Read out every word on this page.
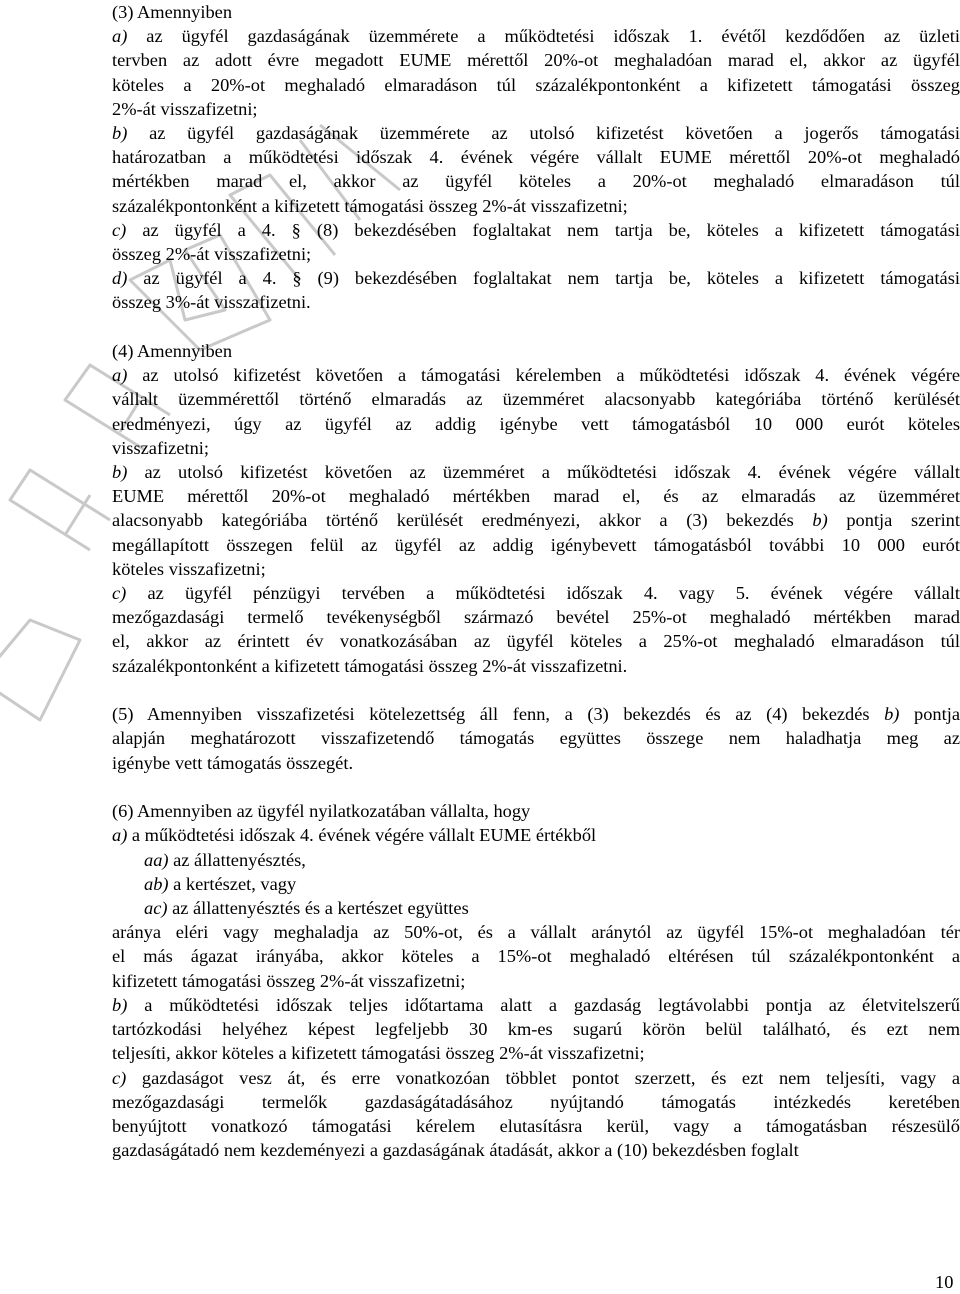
(3) Amennyiben
a) az ügyfél gazdaságának üzemmérete a működtetési időszak 1. évétől kezdődően az üzleti
tervben az adott évre megadott EUME mérettől 20%-ot meghaladóan marad el, akkor az ügyfél
köteles a 20%-ot meghaladó elmaradáson túl százalékpontonként a kifizetett támogatási összeg
2%-át visszafizetni;
b) az ügyfél gazdaságának üzemmérete az utolsó kifizetést követően a jogerős támogatási
határozatban a működtetési időszak 4. évének végére vállalt EUME mérettől 20%-ot meghaladó
mértékben marad el, akkor az ügyfél köteles a 20%-ot meghaladó elmaradáson túl
százalékpontonként a kifizetett támogatási összeg 2%-át visszafizetni;
c) az ügyfél a 4. § (8) bekezdésében foglaltakat nem tartja be, köteles a kifizetett támogatási
összeg 2%-át visszafizetni;
d) az ügyfél a 4. § (9) bekezdésében foglaltakat nem tartja be, köteles a kifizetett támogatási
összeg 3%-át visszafizetni.
(4) Amennyiben
a) az utolsó kifizetést követően a támogatási kérelemben a működtetési időszak 4. évének végére
vállalt üzemmérettől történő elmaradás az üzemméret alacsonyabb kategóriába történő kerülését
eredményezi, úgy az ügyfél az addig igénybe vett támogatásból 10 000 eurót köteles
visszafizetni;
b) az utolsó kifizetést követően az üzemméret a működtetési időszak 4. évének végére vállalt
EUME mérettől 20%-ot meghaladó mértékben marad el, és az elmaradás az üzemméret
alacsonyabb kategóriába történő kerülését eredményezi, akkor a (3) bekezdés b) pontja szerint
megállapított összegen felül az ügyfél az addig igénybevett támogatásból további 10 000 eurót
köteles visszafizetni;
c) az ügyfél pénzügyi tervében a működtetési időszak 4. vagy 5. évének végére vállalt
mezőgazdasági termelő tevékenységből származó bevétel 25%-ot meghaladó mértékben marad
el, akkor az érintett év vonatkozásában az ügyfél köteles a 25%-ot meghaladó elmaradáson túl
százalékpontonként a kifizetett támogatási összeg 2%-át visszafizetni.
(5) Amennyiben visszafizetési kötelezettség áll fenn, a (3) bekezdés és az (4) bekezdés b) pontja
alapján meghatározott visszafizetendő támogatás együttes összege nem haladhatja meg az
igénybe vett támogatás összegét.
(6) Amennyiben az ügyfél nyilatkozatában vállalta, hogy
a) a működtetési időszak 4. évének végére vállalt EUME értékből
aa) az állattenyésztés,
ab) a kertészet, vagy
ac) az állattenyésztés és a kertészet együttes
aránya eléri vagy meghaladja az 50%-ot, és a vállalt aránytól az ügyfél 15%-ot meghaladóan tér
el más ágazat irányába, akkor köteles a 15%-ot meghaladó eltérésen túl százalékpontonként a
kifizetett támogatási összeg 2%-át visszafizetni;
b) a működtetési időszak teljes időtartama alatt a gazdaság legtávolabbi pontja az életvitelszerű
tartózkodási helyéhez képest legfeljebb 30 km-es sugarú körön belül található, és ezt nem
teljesíti, akkor köteles a kifizetett támogatási összeg 2%-át visszafizetni;
c) gazdaságot vesz át, és erre vonatkozóan többlet pontot szerzett, és ezt nem teljesíti, vagy a
mezőgazdasági termelők gazdaságátadásához nyújtandó támogatás intézkedés keretében
benyújtott vonatkozó támogatási kérelem elutasításra kerül, vagy a támogatásban részesülő
gazdaságátadó nem kezdeményezi a gazdaságának átadását, akkor a (10) bekezdésben foglalt
10
